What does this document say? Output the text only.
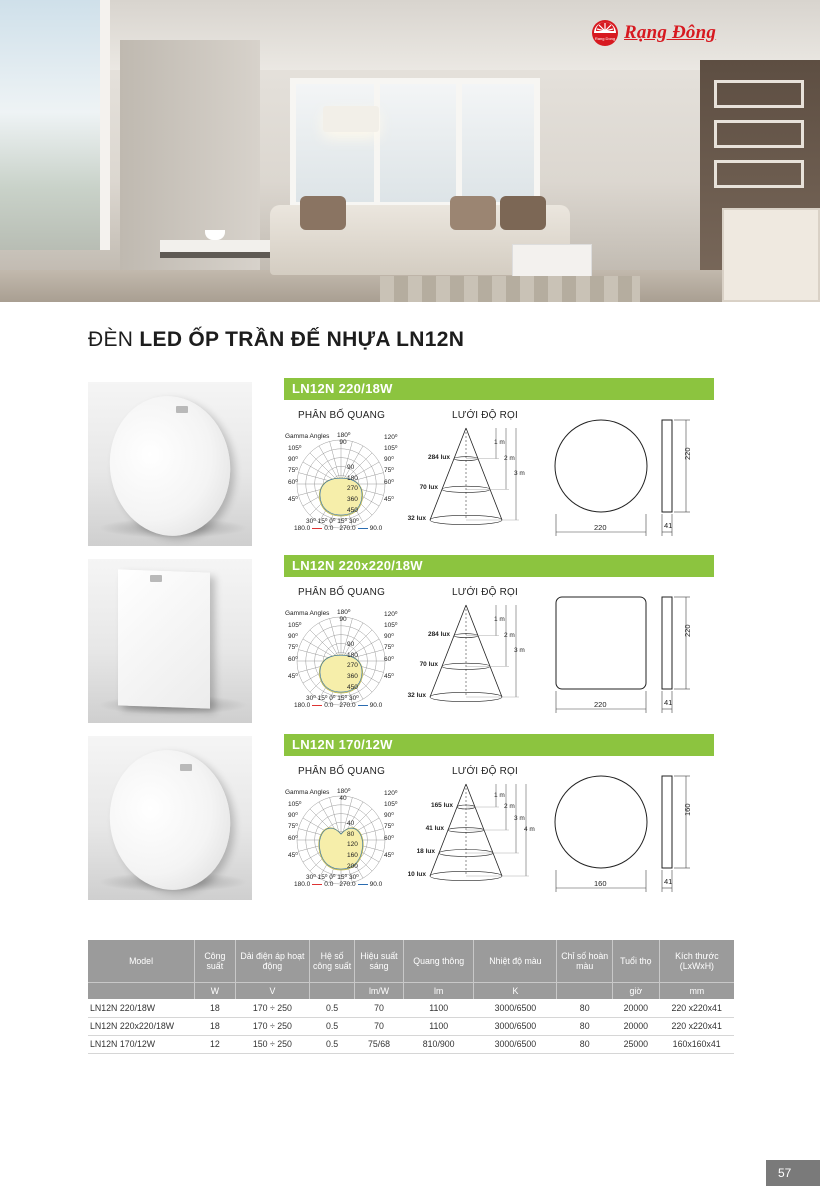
Rang Dong Rạng Đông
ĐÈN LED ỐP TRẦN ĐẾ NHỰA LN12N
LN12N 220/18W
PHÂN BỐ QUANG	LƯỚI ĐỘ RỌI
Gamma Angles 180⁰
90
120⁰
105⁰
90⁰
75⁰
60⁰
45⁰
105⁰
90⁰
75⁰
60⁰
45⁰
90
180
270
360
450
30⁰ 15⁰ 0⁰ 15⁰ 30⁰
180.0 0.0 270.0 90.0
284 lux
70 lux
32 lux
1 m
2 m
3 m
220	41
220
LN12N 220x220/18W
PHÂN BỐ QUANG	LƯỚI ĐỘ RỌI
Gamma Angles 180⁰
90
120⁰
105⁰
90⁰
75⁰
60⁰
45⁰
105⁰
90⁰
75⁰
60⁰
45⁰
90
180
270
360
450
30⁰ 15⁰ 0⁰ 15⁰ 30⁰
180.0 0.0 270.0 90.0
284 lux
70 lux
32 lux
1 m
2 m
3 m
220	41
220
LN12N 170/12W
PHÂN BỐ QUANG	LƯỚI ĐỘ RỌI
Gamma Angles 180⁰
40
120⁰
105⁰
90⁰
75⁰
60⁰
45⁰
105⁰
90⁰
75⁰
60⁰
45⁰
40
80
120
160
200
30⁰ 15⁰ 0⁰ 15⁰ 30⁰
180.0 0.0 270.0 90.0
165 lux
41 lux
18 lux
10 lux
1 m
2 m
3 m
4 m
160	41
160
Model	Công suất	Dải điện áp hoạt động	Hệ số công suất	Hiệu suất sáng	Quang thông	Nhiệt độ màu	Chỉ số hoàn màu	Tuổi thọ	Kích thước (LxWxH)
	W	V		lm/W	lm	K		giờ	mm
LN12N 220/18W	18	170 ÷ 250	0.5	70	1100	3000/6500	80	20000	220 x220x41
LN12N 220x220/18W	18	170 ÷ 250	0.5	70	1100	3000/6500	80	20000	220 x220x41
LN12N 170/12W	12	150 ÷ 250	0.5	75/68	810/900	3000/6500	80	25000	160x160x41
57
